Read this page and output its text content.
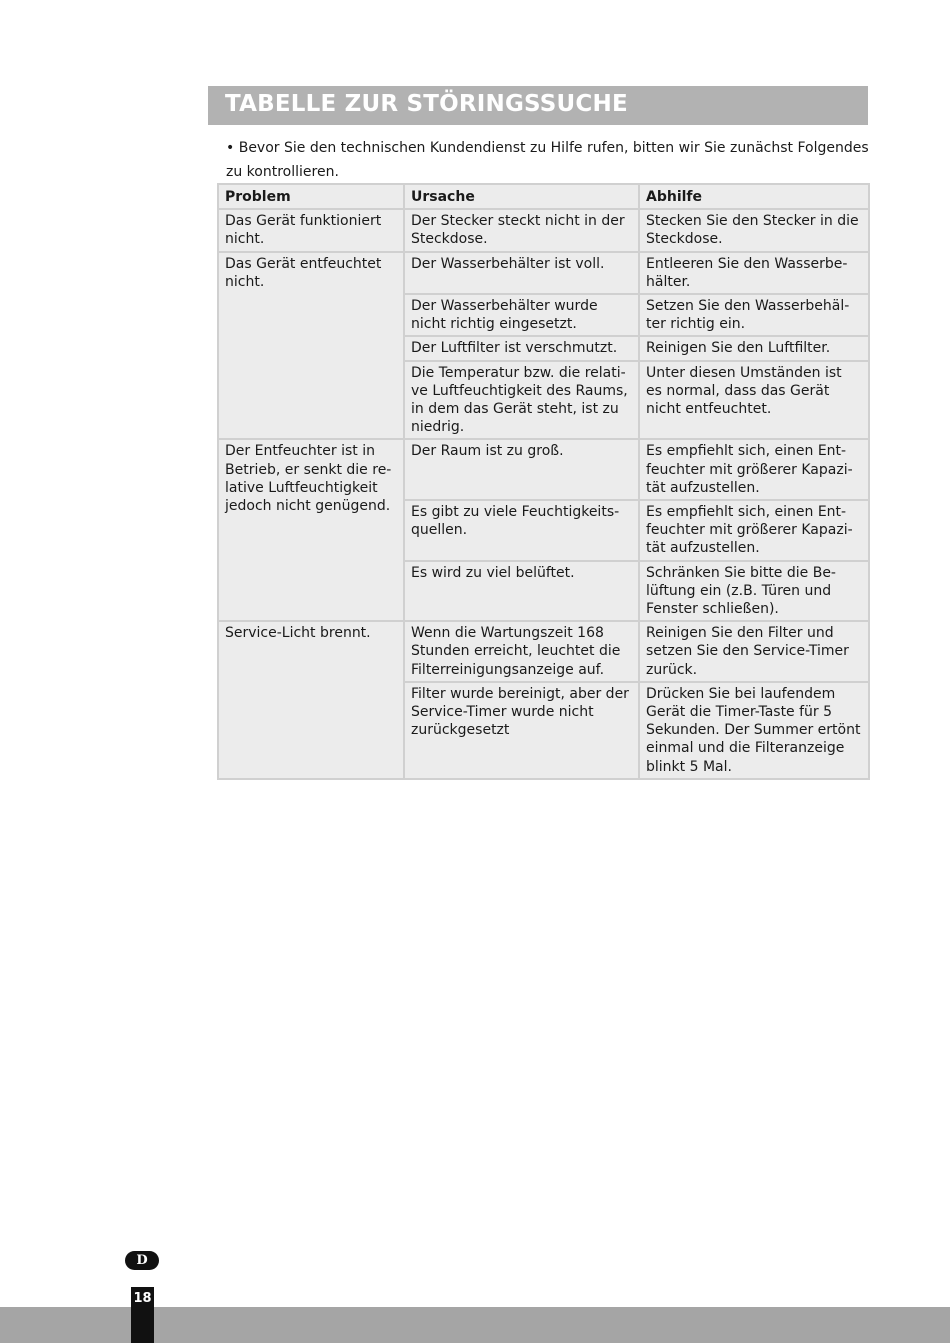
TABELLE ZUR STÖRINGSSUCHE
• Bevor Sie den technischen Kundendienst zu Hilfe rufen, bitten wir Sie zunächst Folgendes zu kontrollieren.
Problem	Ursache	Abhilfe
Das Gerät funktioniert nicht.	Der Stecker steckt nicht in der Steckdose.	Stecken Sie den Stecker in die Steckdose.
Das Gerät entfeuchtet nicht.	Der Wasserbehälter ist voll.	Entleeren Sie den Wasserbe-hälter.
	Der Wasserbehälter wurde nicht richtig eingesetzt.	Setzen Sie den Wasserbehäl-ter richtig ein.
	Der Luftfilter ist verschmutzt.	Reinigen Sie den Luftfilter.
	Die Temperatur bzw. die relati-ve Luftfeuchtigkeit des Raums, in dem das Gerät steht, ist zu niedrig.	Unter diesen Umständen ist es normal, dass das Gerät nicht entfeuchtet.
Der Entfeuchter ist in Betrieb, er senkt die re-lative Luftfeuchtigkeit jedoch nicht genügend.	Der Raum ist zu groß.	Es empfiehlt sich, einen Ent-feuchter mit größerer Kapazi-tät aufzustellen.
	Es gibt zu viele Feuchtigkeits-quellen.	Es empfiehlt sich, einen Ent-feuchter mit größerer Kapazi-tät aufzustellen.
	Es wird zu viel belüftet.	Schränken Sie bitte die Be-lüftung ein (z.B. Türen und Fenster schließen).
Service-Licht brennt.	Wenn die Wartungszeit 168 Stunden erreicht, leuchtet die Filterreinigungsanzeige auf.	Reinigen Sie den Filter und setzen Sie den Service-Timer zurück.
	Filter wurde bereinigt, aber der Service-Timer wurde nicht zurückgesetzt	Drücken Sie bei laufendem Gerät die Timer-Taste für 5 Sekunden. Der Summer ertönt einmal und die Filteranzeige blinkt 5 Mal.
D
18
